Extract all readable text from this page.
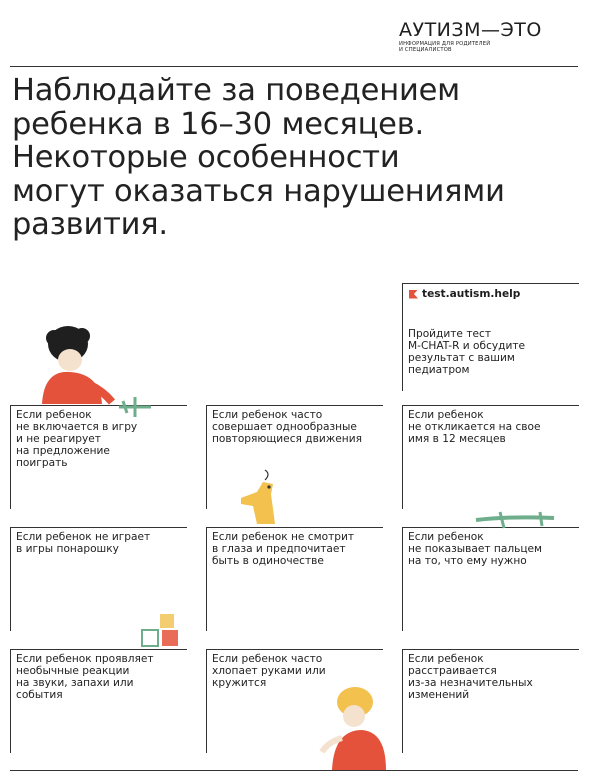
АУТИЗМ—ЭТО
ИНФОРМАЦИЯ ДЛЯ РОДИТЕЛЕЙ
И СПЕЦИАЛИСТОВ
Наблюдайте за поведением
ребенка в 16–30 месяцев.
Некоторые особенности
могут оказаться нарушениями
развития.
test.autism.help
Пройдите тест
M-CHAT-R и обсудите
результат с вашим
педиатром
Если ребенок
не включается в игру
и не реагирует
на предложение
поиграть
Если ребенок часто
совершает однообразные
повторяющиеся движения
Если ребенок
не откликается на свое
имя в 12 месяцев
Если ребенок не играет
в игры понарошку
Если ребенок не смотрит
в глаза и предпочитает
быть в одиночестве
Если ребенок
не показывает пальцем
на то, что ему нужно
Если ребенок проявляет
необычные реакции
на звуки, запахи или
события
Если ребенок часто
хлопает руками или
кружится
Если ребенок
расстраивается
из-за незначительных
изменений
